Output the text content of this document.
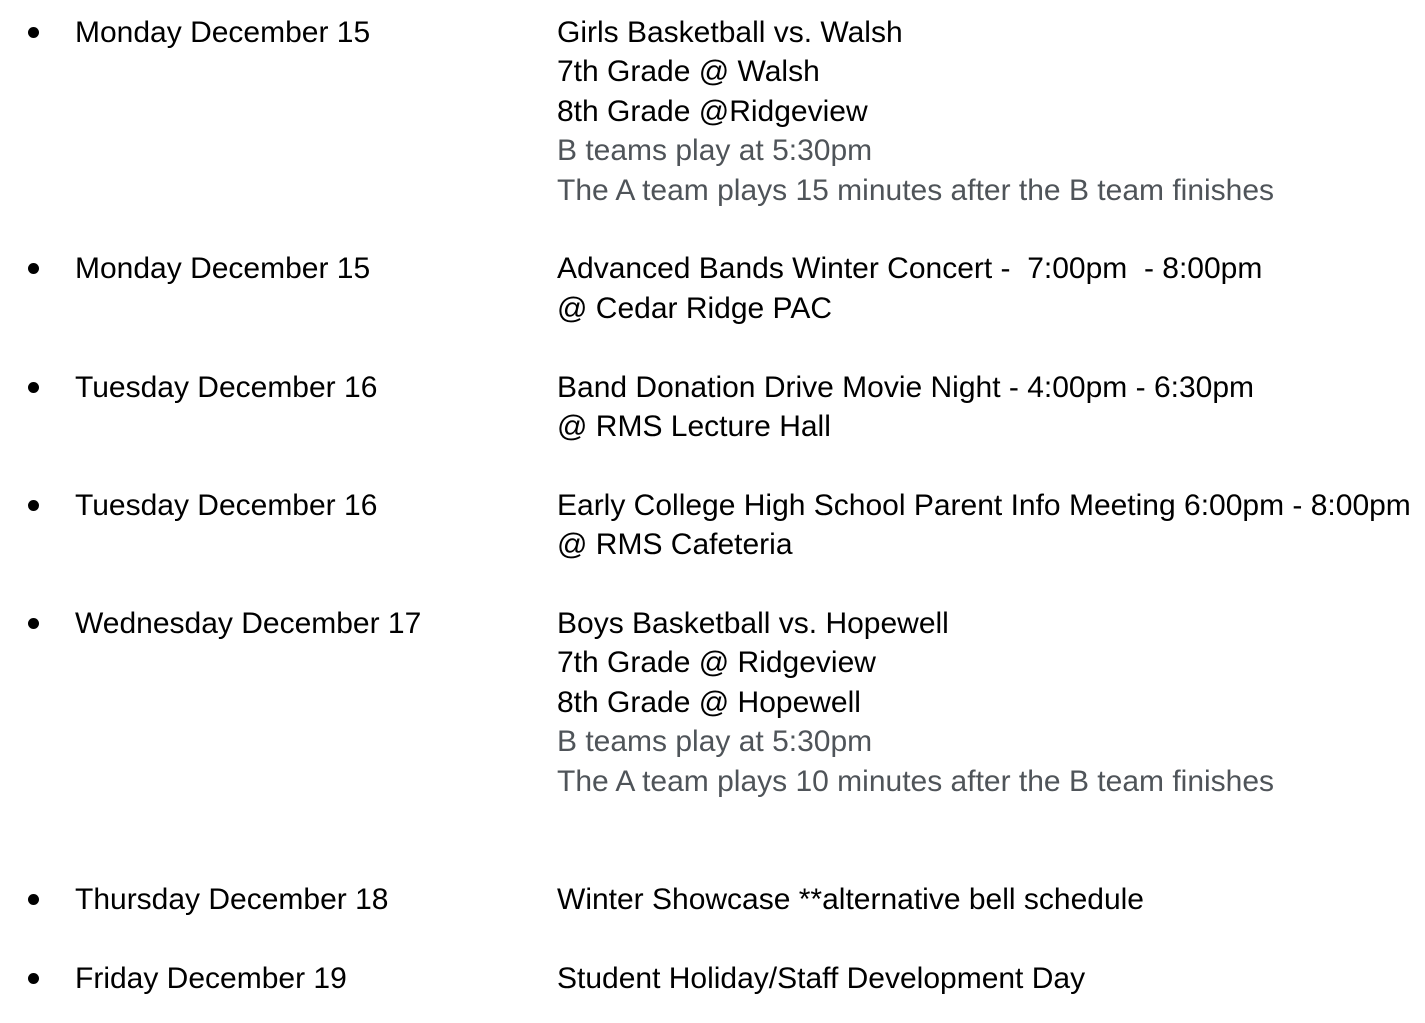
Monday December 15	Girls Basketball vs. Walsh
7th Grade @ Walsh
8th Grade @Ridgeview
B teams play at 5:30pm
The A team plays 15 minutes after the B team finishes
Monday December 15	Advanced Bands Winter Concert -  7:00pm  - 8:00pm
@ Cedar Ridge PAC
Tuesday December 16	Band Donation Drive Movie Night - 4:00pm - 6:30pm
@ RMS Lecture Hall
Tuesday December 16	Early College High School Parent Info Meeting 6:00pm - 8:00pm
@ RMS Cafeteria
Wednesday December 17	Boys Basketball vs. Hopewell
7th Grade @ Ridgeview
8th Grade @ Hopewell
B teams play at 5:30pm
The A team plays 10 minutes after the B team finishes
Thursday December 18	Winter Showcase **alternative bell schedule
Friday December 19	Student Holiday/Staff Development Day
